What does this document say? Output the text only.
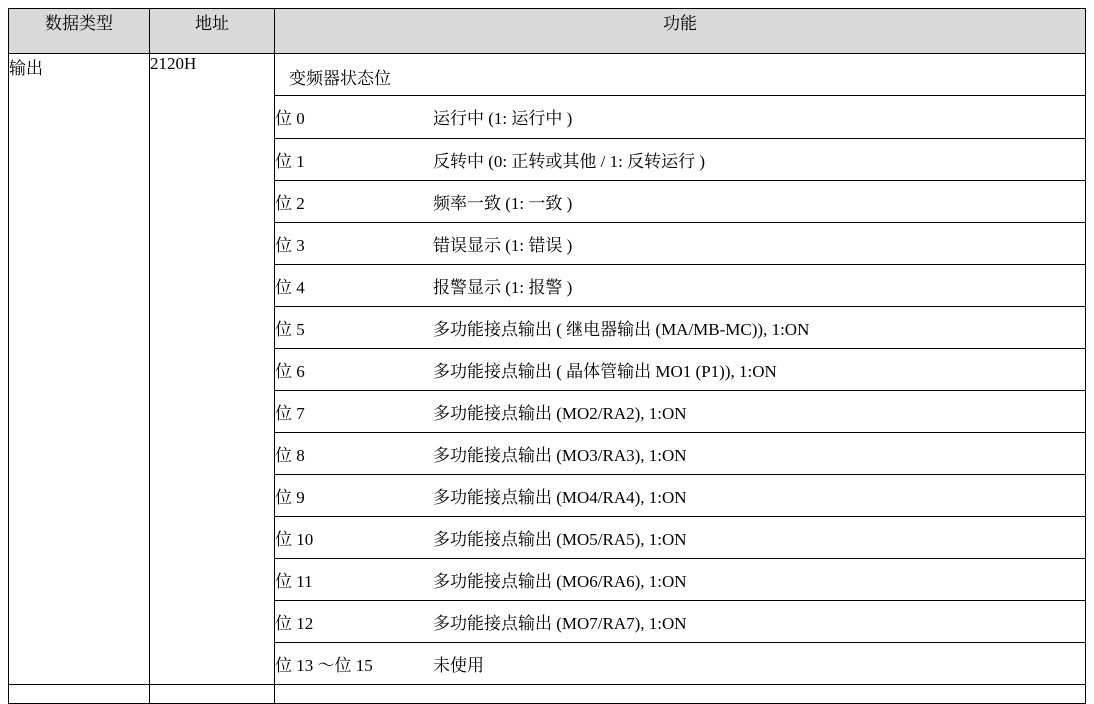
数据类型	地址	功能
输出	2120H	
变频器状态位
位 0	运行中 (1: 运行中 )
位 1	反转中 (0: 正转或其他 / 1: 反转运行 )
位 2	频率一致 (1: 一致 )
位 3	错误显示 (1: 错误 )
位 4	报警显示 (1: 报警 )
位 5	多功能接点输出 ( 继电器输出 (MA/MB-MC)), 1:ON
位 6	多功能接点输出 ( 晶体管输出 MO1 (P1)), 1:ON
位 7	多功能接点输出 (MO2/RA2), 1:ON
位 8	多功能接点输出 (MO3/RA3), 1:ON
位 9	多功能接点输出 (MO4/RA4), 1:ON
位 10	多功能接点输出 (MO5/RA5), 1:ON
位 11	多功能接点输出 (MO6/RA6), 1:ON
位 12	多功能接点输出 (MO7/RA7), 1:ON
位 13 ～位 15	未使用
